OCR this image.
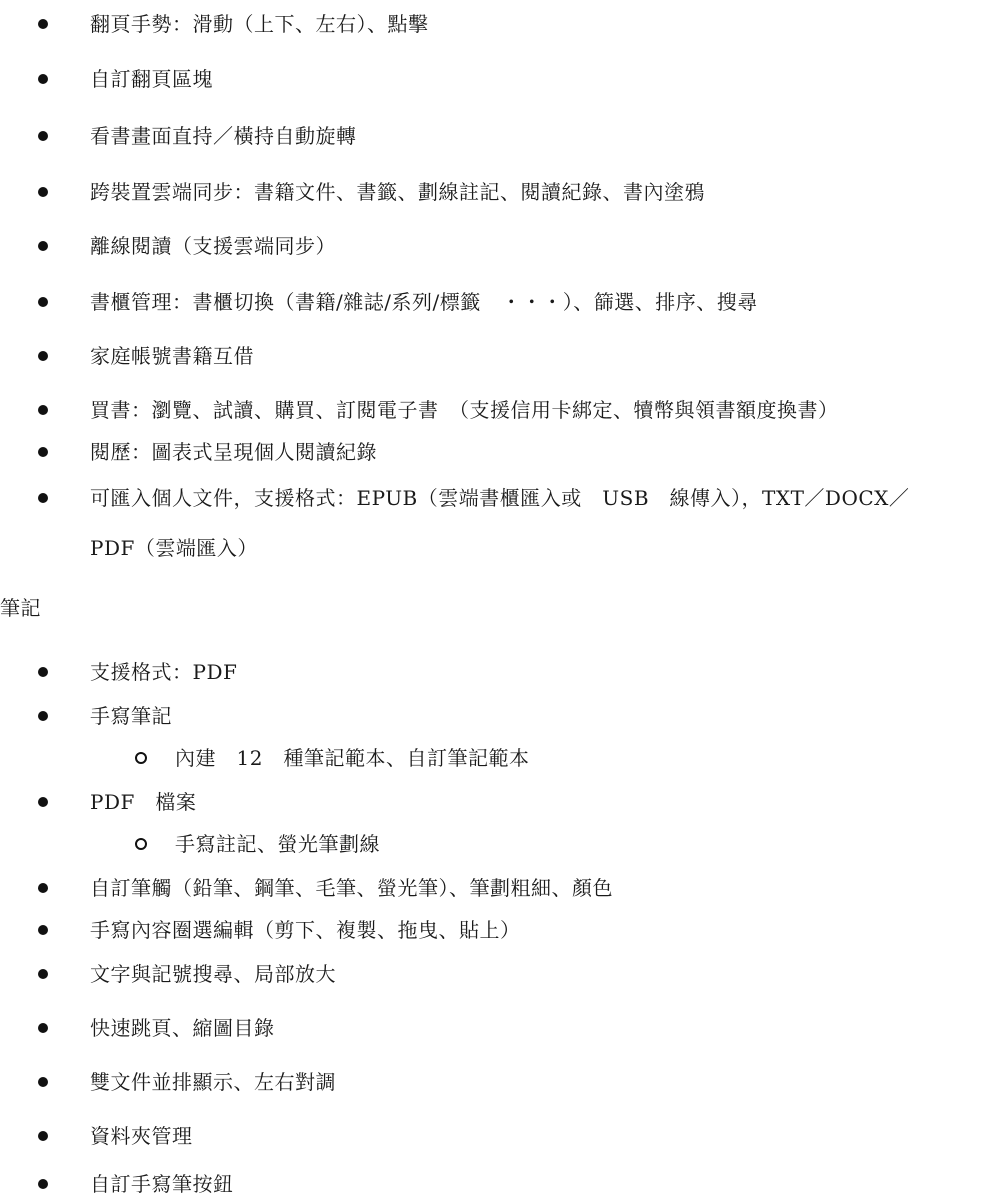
翻頁手勢：滑動（上下、左右）、點擊
自訂翻頁區塊
看書畫面直持／橫持自動旋轉
跨裝置雲端同步：書籍文件、書籤、劃線註記、閱讀紀錄、書內塗鴉
離線閱讀（支援雲端同步）
書櫃管理：書櫃切換（書籍/雜誌/系列/標籤　・・・）、篩選、排序、搜尋
家庭帳號書籍互借
買書：瀏覽、試讀、購買、訂閱電子書　（支援信用卡綁定、犢幣與領書額度換書）
閱歷：圖表式呈現個人閱讀紀錄
可匯入個人文件，支援格式：EPUB（雲端書櫃匯入或　USB　線傳入），TXT／DOCX／
PDF（雲端匯入）
筆記
支援格式：PDF
手寫筆記
內建　12　種筆記範本、自訂筆記範本
PDF　檔案
手寫註記、螢光筆劃線
自訂筆觸（鉛筆、鋼筆、毛筆、螢光筆）、筆劃粗細、顏色
手寫內容圈選編輯（剪下、複製、拖曳、貼上）
文字與記號搜尋、局部放大
快速跳頁、縮圖目錄
雙文件並排顯示、左右對調
資料夾管理
自訂手寫筆按鈕
